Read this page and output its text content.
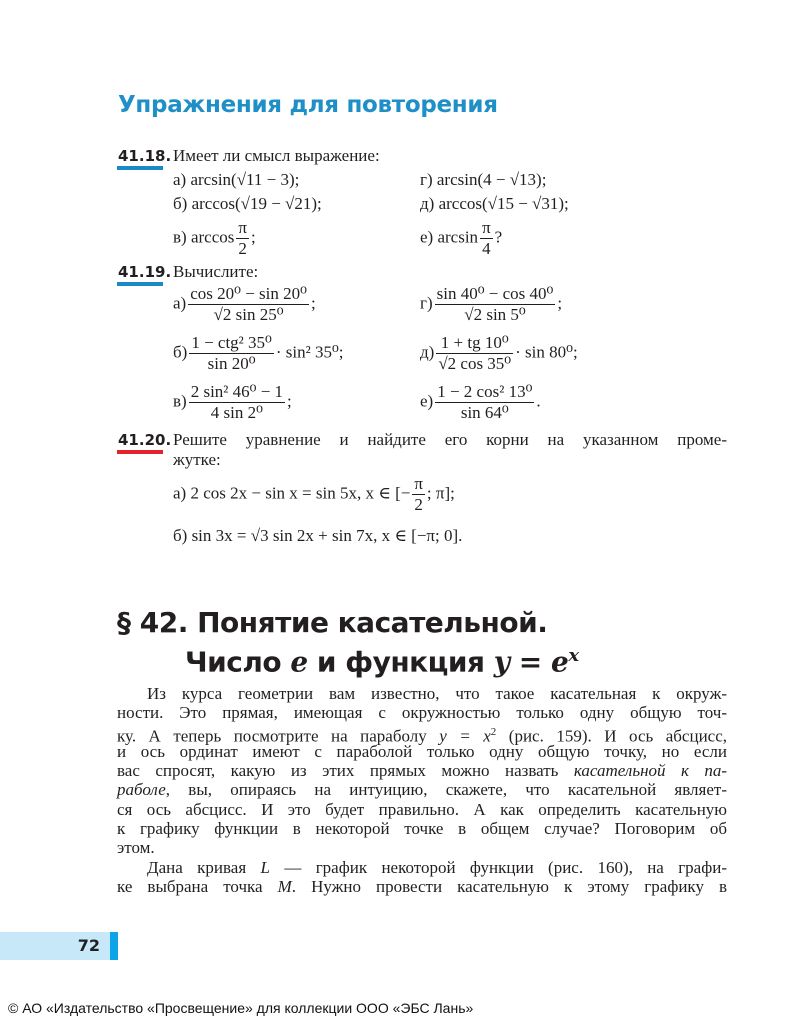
Упражнения для повторения
41.18. Имеет ли смысл выражение:
а) arcsin(√11 − 3);	г) arcsin(4 − √13);
б) arccos(√19 − √21);	д) arccos(√15 − √31);
в) $\arccos \frac{\pi}{2}$ ;	е) $\arcsin \frac{\pi}{4}$ ?
41.19. Вычислите:
$а) \frac{\text{cos 20⁰ − sin 20⁰}}{\text{√2 sin 25⁰}}$ ;	$г) \frac{\text{sin 40⁰ − cos 40⁰}}{\text{√2 sin 5⁰}}$ ;
$б) \frac{\text{1 − ctg² 35⁰}}{\text{sin 20⁰}} \cdot \sin^2$ 35⁰;	$д) \frac{\text{1 + tg 10⁰}}{\text{√2 cos 35⁰}} \cdot \sin 80^0$;
$в) \frac{\text{2 sin² 46⁰ − 1}}{\text{4 sin 2⁰}}$ ;	$е) \frac{\text{1 − 2 cos² 13⁰}}{\text{sin 64⁰}}$ .
41.20. Решите уравнение и найдите его корни на указанном проме-
жутке:
а) 2 cos 2x − sin x = sin 5x, x ∈ [− $\frac{\pi}{2}$ ; π];
б) sin 3x = √3 sin 2x + sin 7x, x ∈ [−π; 0].
§ 42. Понятие касательной.
Число e и функция $y = e^x$
Из курса геометрии вам известно, что такое касательная к окруж-
ности. Это прямая, имеющая с окружностью только одну общую точ-
ку. А теперь посмотрите на параболу $y = x^2$ (рис. 159). И ось абсцисс,
и ось ординат имеют с параболой только одну общую точку, но если
вас спросят, какую из этих прямых можно назвать касательной к па-
раболе, вы, опираясь на интуицию, скажете, что касательной являет-
ся ось абсцисс. И это будет правильно. А как определить касательную
к графику функции в некоторой точке в общем случае? Поговорим об
этом.
Дана кривая L — график некоторой функции (рис. 160), на графи-
ке выбрана точка M. Нужно провести касательную к этому графику в
72
© АО «Издательство «Просвещение» для коллекции ООО «ЭБС Лань»
